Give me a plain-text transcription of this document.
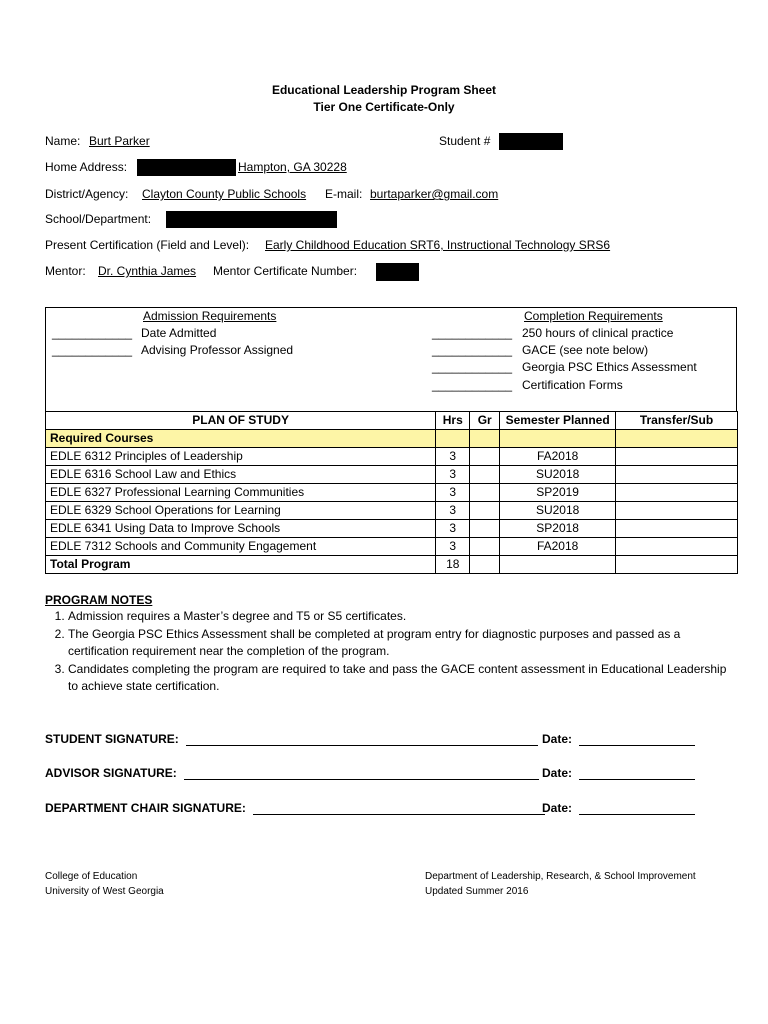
Educational Leadership Program Sheet
Tier One Certificate-Only
Name: Burt Parker	Student #
Home Address:	Hampton, GA 30228
District/Agency: Clayton County Public Schools E-mail: burtaparker@gmail.com
School/Department:
Present Certification (Field and Level): Early Childhood Education SRT6, Instructional Technology SRS6
Mentor: Dr. Cynthia James Mentor Certificate Number:
Admission Requirements
____________ Date Admitted
____________ Advising Professor Assigned
Completion Requirements
____________ 250 hours of clinical practice
____________ GACE (see note below)
____________ Georgia PSC Ethics Assessment
____________ Certification Forms
PLAN OF STUDY	Hrs	Gr	Semester Planned	Transfer/Sub
Required Courses				
EDLE 6312 Principles of Leadership	3		FA2018	
EDLE 6316 School Law and Ethics	3		SU2018	
EDLE 6327 Professional Learning Communities	3		SP2019	
EDLE 6329 School Operations for Learning	3		SU2018	
EDLE 6341 Using Data to Improve Schools	3		SP2018	
EDLE 7312 Schools and Community Engagement	3		FA2018	
Total Program	18			
PROGRAM NOTES
1. Admission requires a Master’s degree and T5 or S5 certificates.
2. The Georgia PSC Ethics Assessment shall be completed at program entry for diagnostic purposes and passed as a certification requirement near the completion of the program.
3. Candidates completing the program are required to take and pass the GACE content assessment in Educational Leadership to achieve state certification.
STUDENT SIGNATURE:	Date:
ADVISOR SIGNATURE:	Date:
DEPARTMENT CHAIR SIGNATURE:	Date:
College of Education
University of West Georgia
Department of Leadership, Research, & School Improvement
Updated Summer 2016
